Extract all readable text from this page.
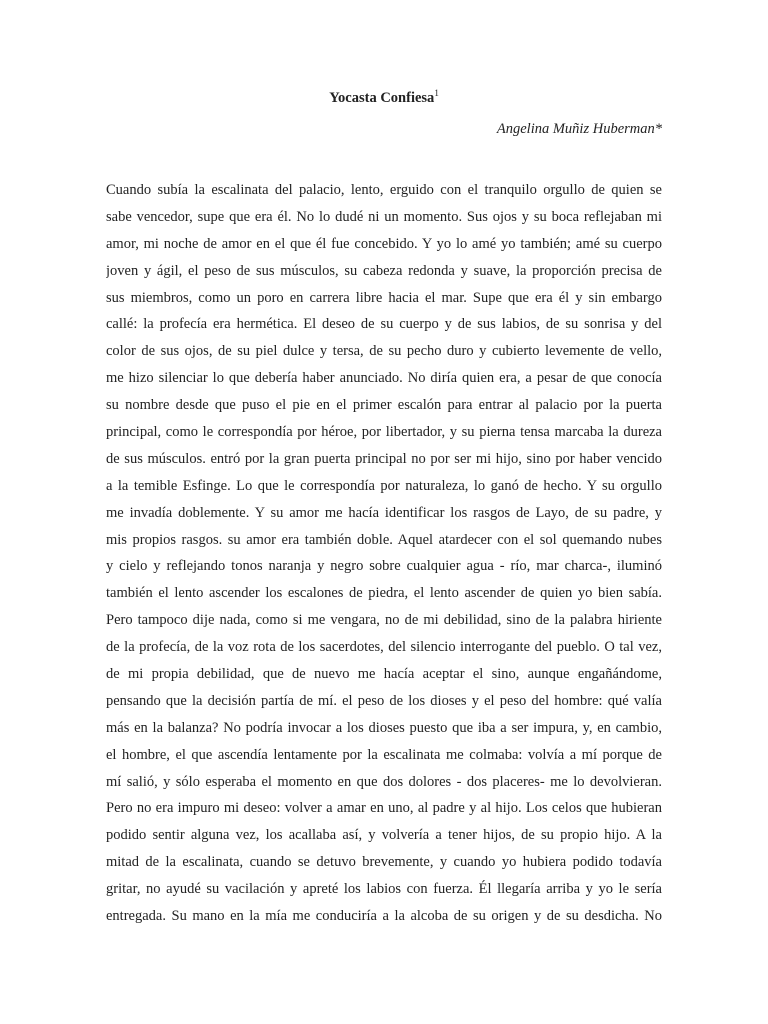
Yocasta Confiesa$^1$

Angelina Muñiz Huberman*

Cuando subía la escalinata del palacio, lento, erguido con el tranquilo orgullo de quien se
sabe vencedor, supe que era él. No lo dudé ni un momento. Sus ojos y su boca reflejaban mi
amor, mi noche de amor en el que él fue concebido. Y yo lo amé yo también; amé su cuerpo
joven y ágil, el peso de sus músculos, su cabeza redonda y suave, la proporción precisa de
sus miembros, como un poro en carrera libre hacia el mar. Supe que era él y sin embargo
callé: la profecía era hermética. El deseo de su cuerpo y de sus labios, de su sonrisa y del
color de sus ojos, de su piel dulce y tersa, de su pecho duro y cubierto levemente de vello,
me hizo silenciar lo que debería haber anunciado. No diría quien era, a pesar de que conocía
su nombre desde que puso el pie en el primer escalón para entrar al palacio por la puerta
principal, como le correspondía por héroe, por libertador, y su pierna tensa marcaba la dureza
de sus músculos. entró por la gran puerta principal no por ser mi hijo, sino por haber vencido
a la temible Esfinge. Lo que le correspondía por naturaleza, lo ganó de hecho. Y su orgullo
me invadía doblemente. Y su amor me hacía identificar los rasgos de Layo, de su padre, y
mis propios rasgos. su amor era también doble. Aquel atardecer con el sol quemando nubes
y cielo y reflejando tonos naranja y negro sobre cualquier agua - río, mar charca-, iluminó
también el lento ascender los escalones de piedra, el lento ascender de quien yo bien sabía.
Pero tampoco dije nada, como si me vengara, no de mi debilidad, sino de la palabra hiriente
de la profecía, de la voz rota de los sacerdotes, del silencio interrogante del pueblo. O tal vez,
de mi propia debilidad, que de nuevo me hacía aceptar el sino, aunque engañándome,
pensando que la decisión partía de mí. el peso de los dioses y el peso del hombre: qué valía
más en la balanza? No podría invocar a los dioses puesto que iba a ser impura, y, en cambio,
el hombre, el que ascendía lentamente por la escalinata me colmaba: volvía a mí porque de
mí salió, y sólo esperaba el momento en que dos dolores - dos placeres- me lo devolvieran.
Pero no era impuro mi deseo: volver a amar en uno, al padre y al hijo. Los celos que hubieran
podido sentir alguna vez, los acallaba así, y volvería a tener hijos, de su propio hijo. A la
mitad de la escalinata, cuando se detuvo brevemente, y cuando yo hubiera podido todavía
gritar, no ayudé su vacilación y apreté los labios con fuerza. Él llegaría arriba y yo le sería
entregada. Su mano en la mía me conduciría a la alcoba de su origen y de su desdicha. No
